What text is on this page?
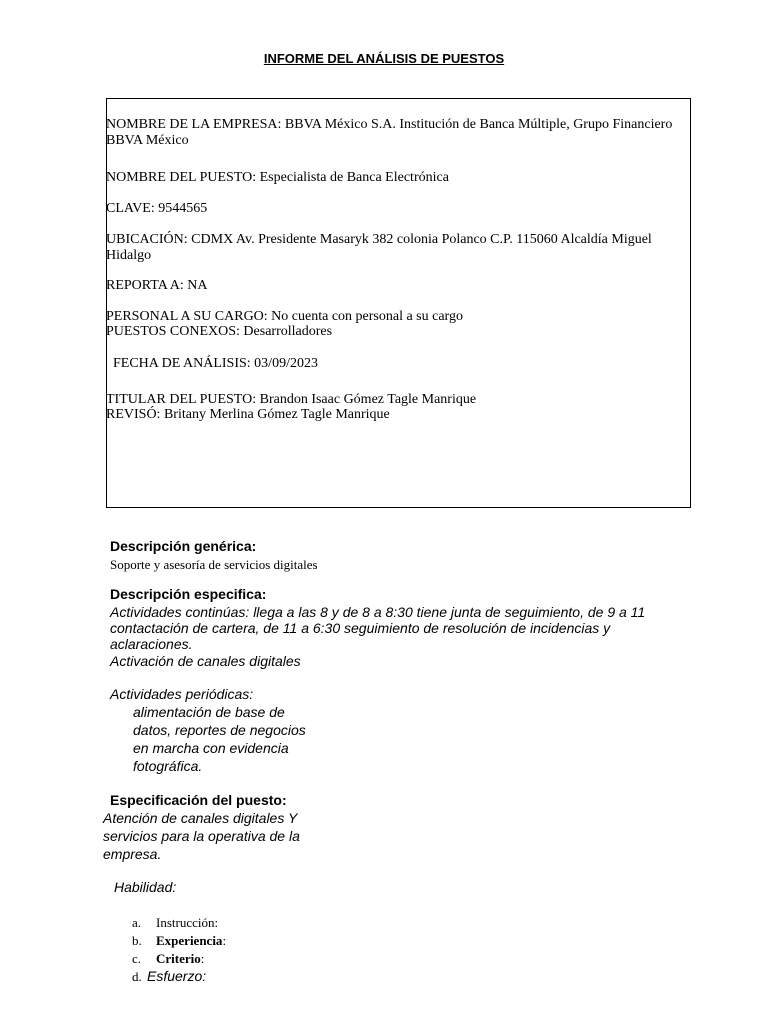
INFORME DEL ANÁLISIS DE PUESTOS
NOMBRE DE LA EMPRESA: BBVA México S.A. Institución de Banca Múltiple, Grupo Financiero BBVA México
NOMBRE DEL PUESTO: Especialista de Banca Electrónica
CLAVE: 9544565
UBICACIÓN: CDMX Av. Presidente Masaryk 382 colonia Polanco C.P. 115060 Alcaldía Miguel Hidalgo
REPORTA A: NA
PERSONAL A SU CARGO: No cuenta con personal a su cargo
PUESTOS CONEXOS: Desarrolladores
FECHA DE ANÁLISIS: 03/09/2023
TITULAR DEL PUESTO: Brandon Isaac Gómez Tagle Manrique
REVISÓ: Britany Merlina Gómez Tagle Manrique
Descripción genérica:
Soporte y asesoría de servicios digitales
Descripción especifica:
Actividades continúas: llega a las 8 y de 8 a 8:30 tiene junta de seguimiento, de 9 a 11 contactación de cartera, de 11 a 6:30 seguimiento de resolución de incidencias y aclaraciones.
Activación de canales digitales
Actividades periódicas:
alimentación de base de datos, reportes de negocios en marcha con evidencia fotográfica.
Especificación del puesto:
Atención de canales digitales Y servicios para la operativa de la empresa.
Habilidad:
a. Instrucción:
b. Experiencia:
c. Criterio:
d. Esfuerzo:
